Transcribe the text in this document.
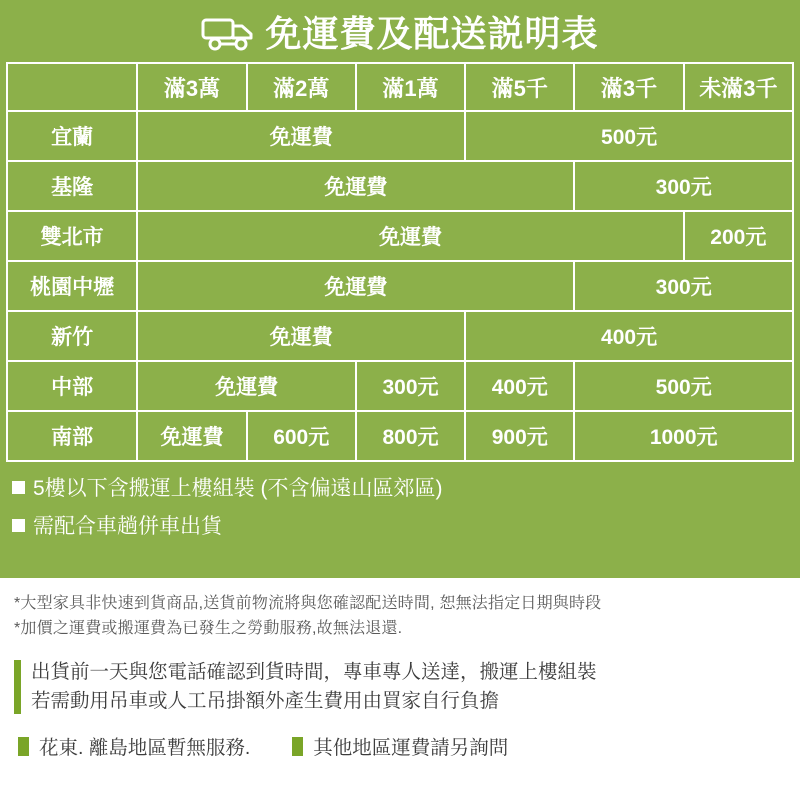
免運費及配送説明表
	滿3萬	滿2萬	滿1萬	滿5千	滿3千	未滿3千
宜蘭	免運費			500元		
基隆	免運費				300元	
雙北市	免運費					200元
桃園中壢	免運費				300元	
新竹	免運費			400元		
中部	免運費		300元	400元	500元	
南部	免運費	600元	800元	900元	1000元	
5樓以下含搬運上樓組裝 (不含偏遠山區郊區)
需配合車趟併車出貨
*大型家具非快速到貨商品,送貨前物流將與您確認配送時間, 恕無法指定日期與時段
*加價之運費或搬運費為已發生之勞動服務,故無法退還.
出貨前一天與您電話確認到貨時間，專車專人送達，搬運上樓組裝
若需動用吊車或人工吊掛額外產生費用由買家自行負擔
花東. 離島地區暫無服務.	其他地區運費請另詢問
